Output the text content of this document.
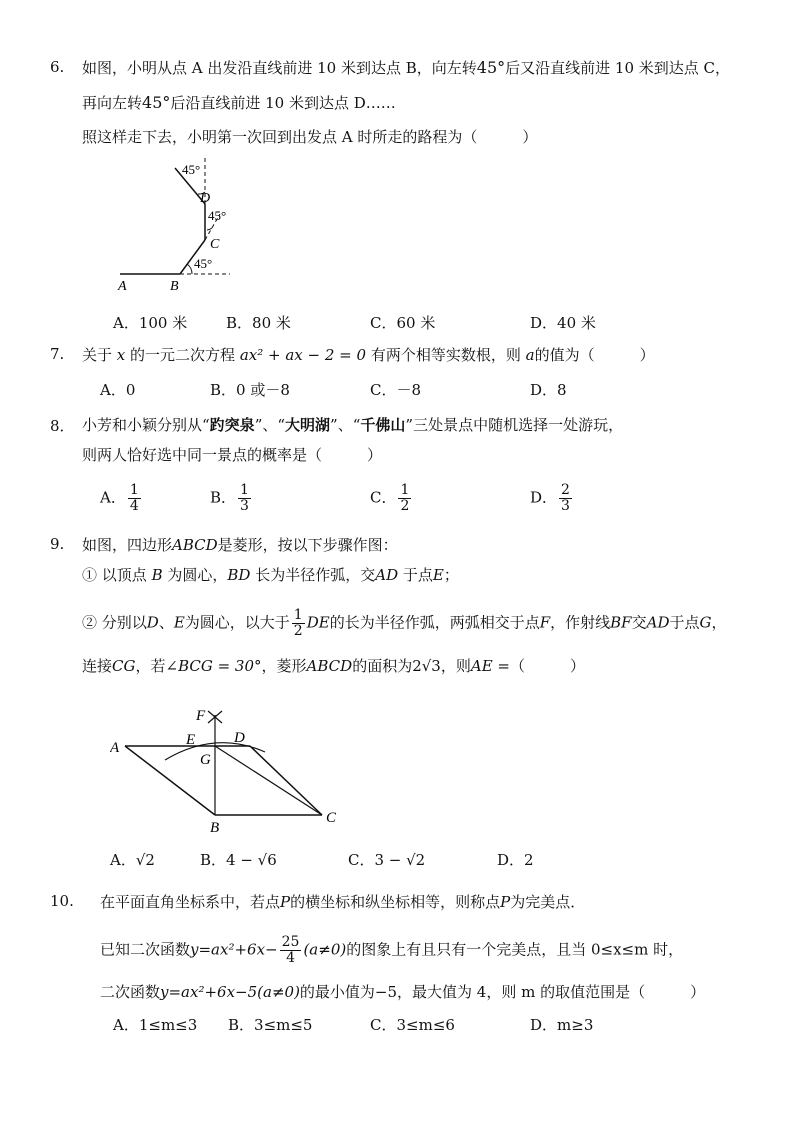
6. 如图，小明从点 A 出发沿直线前进 10 米到达点 B，向左转45°后又沿直线前进 10 米到达点 C，
再向左转45°后沿直线前进 10 米到达点 D……
照这样走下去，小明第一次回到出发点 A 时所走的路程为（　　　）
45°
45°
45°
A	B
C
D
A．100 米	B．80 米	C．60 米	D．40 米
7. 关于 x 的一元二次方程 ax² + ax − 2 = 0 有两个相等实数根，则 a的值为（　　　）
A．0	B．0 或－8	C．－8	D．8
8． 小芳和小颖分别从“趵突泉”、“大明湖”、“千佛山”三处景点中随机选择一处游玩，
则两人恰好选中同一景点的概率是（　　　）
A． $\frac{1}{4}$	B． $\frac{1}{3}$	C． $\frac{1}{2}$	D． $\frac{2}{3}$
9. 如图，四边形ABCD是菱形，按以下步骤作图：
① 以顶点 B 为圆心，BD 长为半径作弧，交AD 于点E；
② 分别以D、E为圆心，以大于 $\frac{1}{2}$ DE的长为半径作弧，两弧相交于点F，作射线BF交AD于点G，
连接CG，若∠BCG = 30°，菱形ABCD的面积为2√3，则AE =（　　　）
F
A	E	D
G
B
C
A．√2	B．4 − √6	C．3 − √2	D．2
10. 在平面直角坐标系中，若点P的横坐标和纵坐标相等，则称点P为完美点．
已知二次函数$y=ax^2+6x- \frac{25}{4} (a\ne 0)$的图象上有且只有一个完美点，且当 0≤x≤m 时，
二次函数y=ax²+6x−5(a≠0)的最小值为−5，最大值为 4，则 m 的取值范围是（　　　）
A．1≤m≤3 B．3≤m≤5	C．3≤m≤6	D．m≥3
